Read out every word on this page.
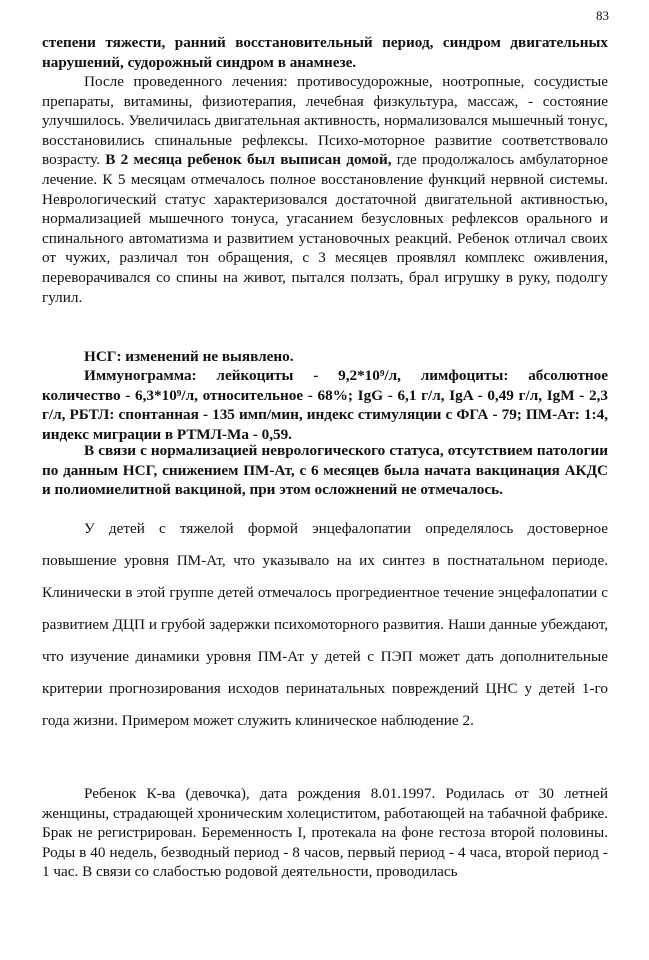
83

степени тяжести, ранний восстановительный период, синдром двигательных нарушений, судорожный синдром в анамнезе.

После проведенного лечения: противосудорожные, ноотропные, сосудистые препараты, витамины, физиотерапия, лечебная физкультура, массаж, - состояние улучшилось. Увеличилась двигательная активность, нормализовался мышечный тонус, восстановились спинальные рефлексы. Психо-моторное развитие соответствовало возрасту. В 2 месяца ребенок был выписан домой, где продолжалось амбулаторное лечение. К 5 месяцам отмечалось полное восстановление функций нервной системы. Неврологический статус характеризовался достаточной двигательной активностью, нормализацией мышечного тонуса, угасанием безусловных рефлексов орального и спинального автоматизма и развитием установочных реакций. Ребенок отличал своих от чужих, различал тон обращения, с 3 месяцев проявлял комплекс оживления, переворачивался со спины на живот, пытался ползать, брал игрушку в руку, подолгу гулил.

НСГ: изменений не выявлено.

Иммунограмма: лейкоциты - 9,2*10⁹/л, лимфоциты: абсолютное количество - 6,3*10⁹/л, относительное - 68%; IgG - 6,1 г/л, IgA - 0,49 г/л, IgM - 2,3 г/л, РБТЛ: спонтанная - 135 имп/мин, индекс стимуляции с ФГА - 79; ПМ-Ат: 1:4, индекс миграции в РТМЛ-Ма - 0,59.

В связи с нормализацией неврологического статуса, отсутствием патологии по данным НСГ, снижением ПМ-Ат, с 6 месяцев была начата вакцинация АКДС и полиомиелитной вакциной, при этом осложнений не отмечалось.

У детей с тяжелой формой энцефалопатии определялось достоверное повышение уровня ПМ-Ат, что указывало на их синтез в постнатальном периоде. Клинически в этой группе детей отмечалось прогредиентное течение энцефалопатии с развитием ДЦП и грубой задержки психомоторного развития. Наши данные убеждают, что изучение динамики уровня ПМ-Ат у детей с ПЭП может дать дополнительные критерии прогнозирования исходов перинатальных повреждений ЦНС у детей 1-го года жизни. Примером может служить клиническое наблюдение 2.

Ребенок К-ва (девочка), дата рождения 8.01.1997. Родилась от 30 летней женщины, страдающей хроническим холециститом, работающей на табачной фабрике. Брак не регистрирован. Беременность I, протекала на фоне гестоза второй половины. Роды в 40 недель, безводный период - 8 часов, первый период - 4 часа, второй период - 1 час. В связи со слабостью родовой деятельности, проводилась
